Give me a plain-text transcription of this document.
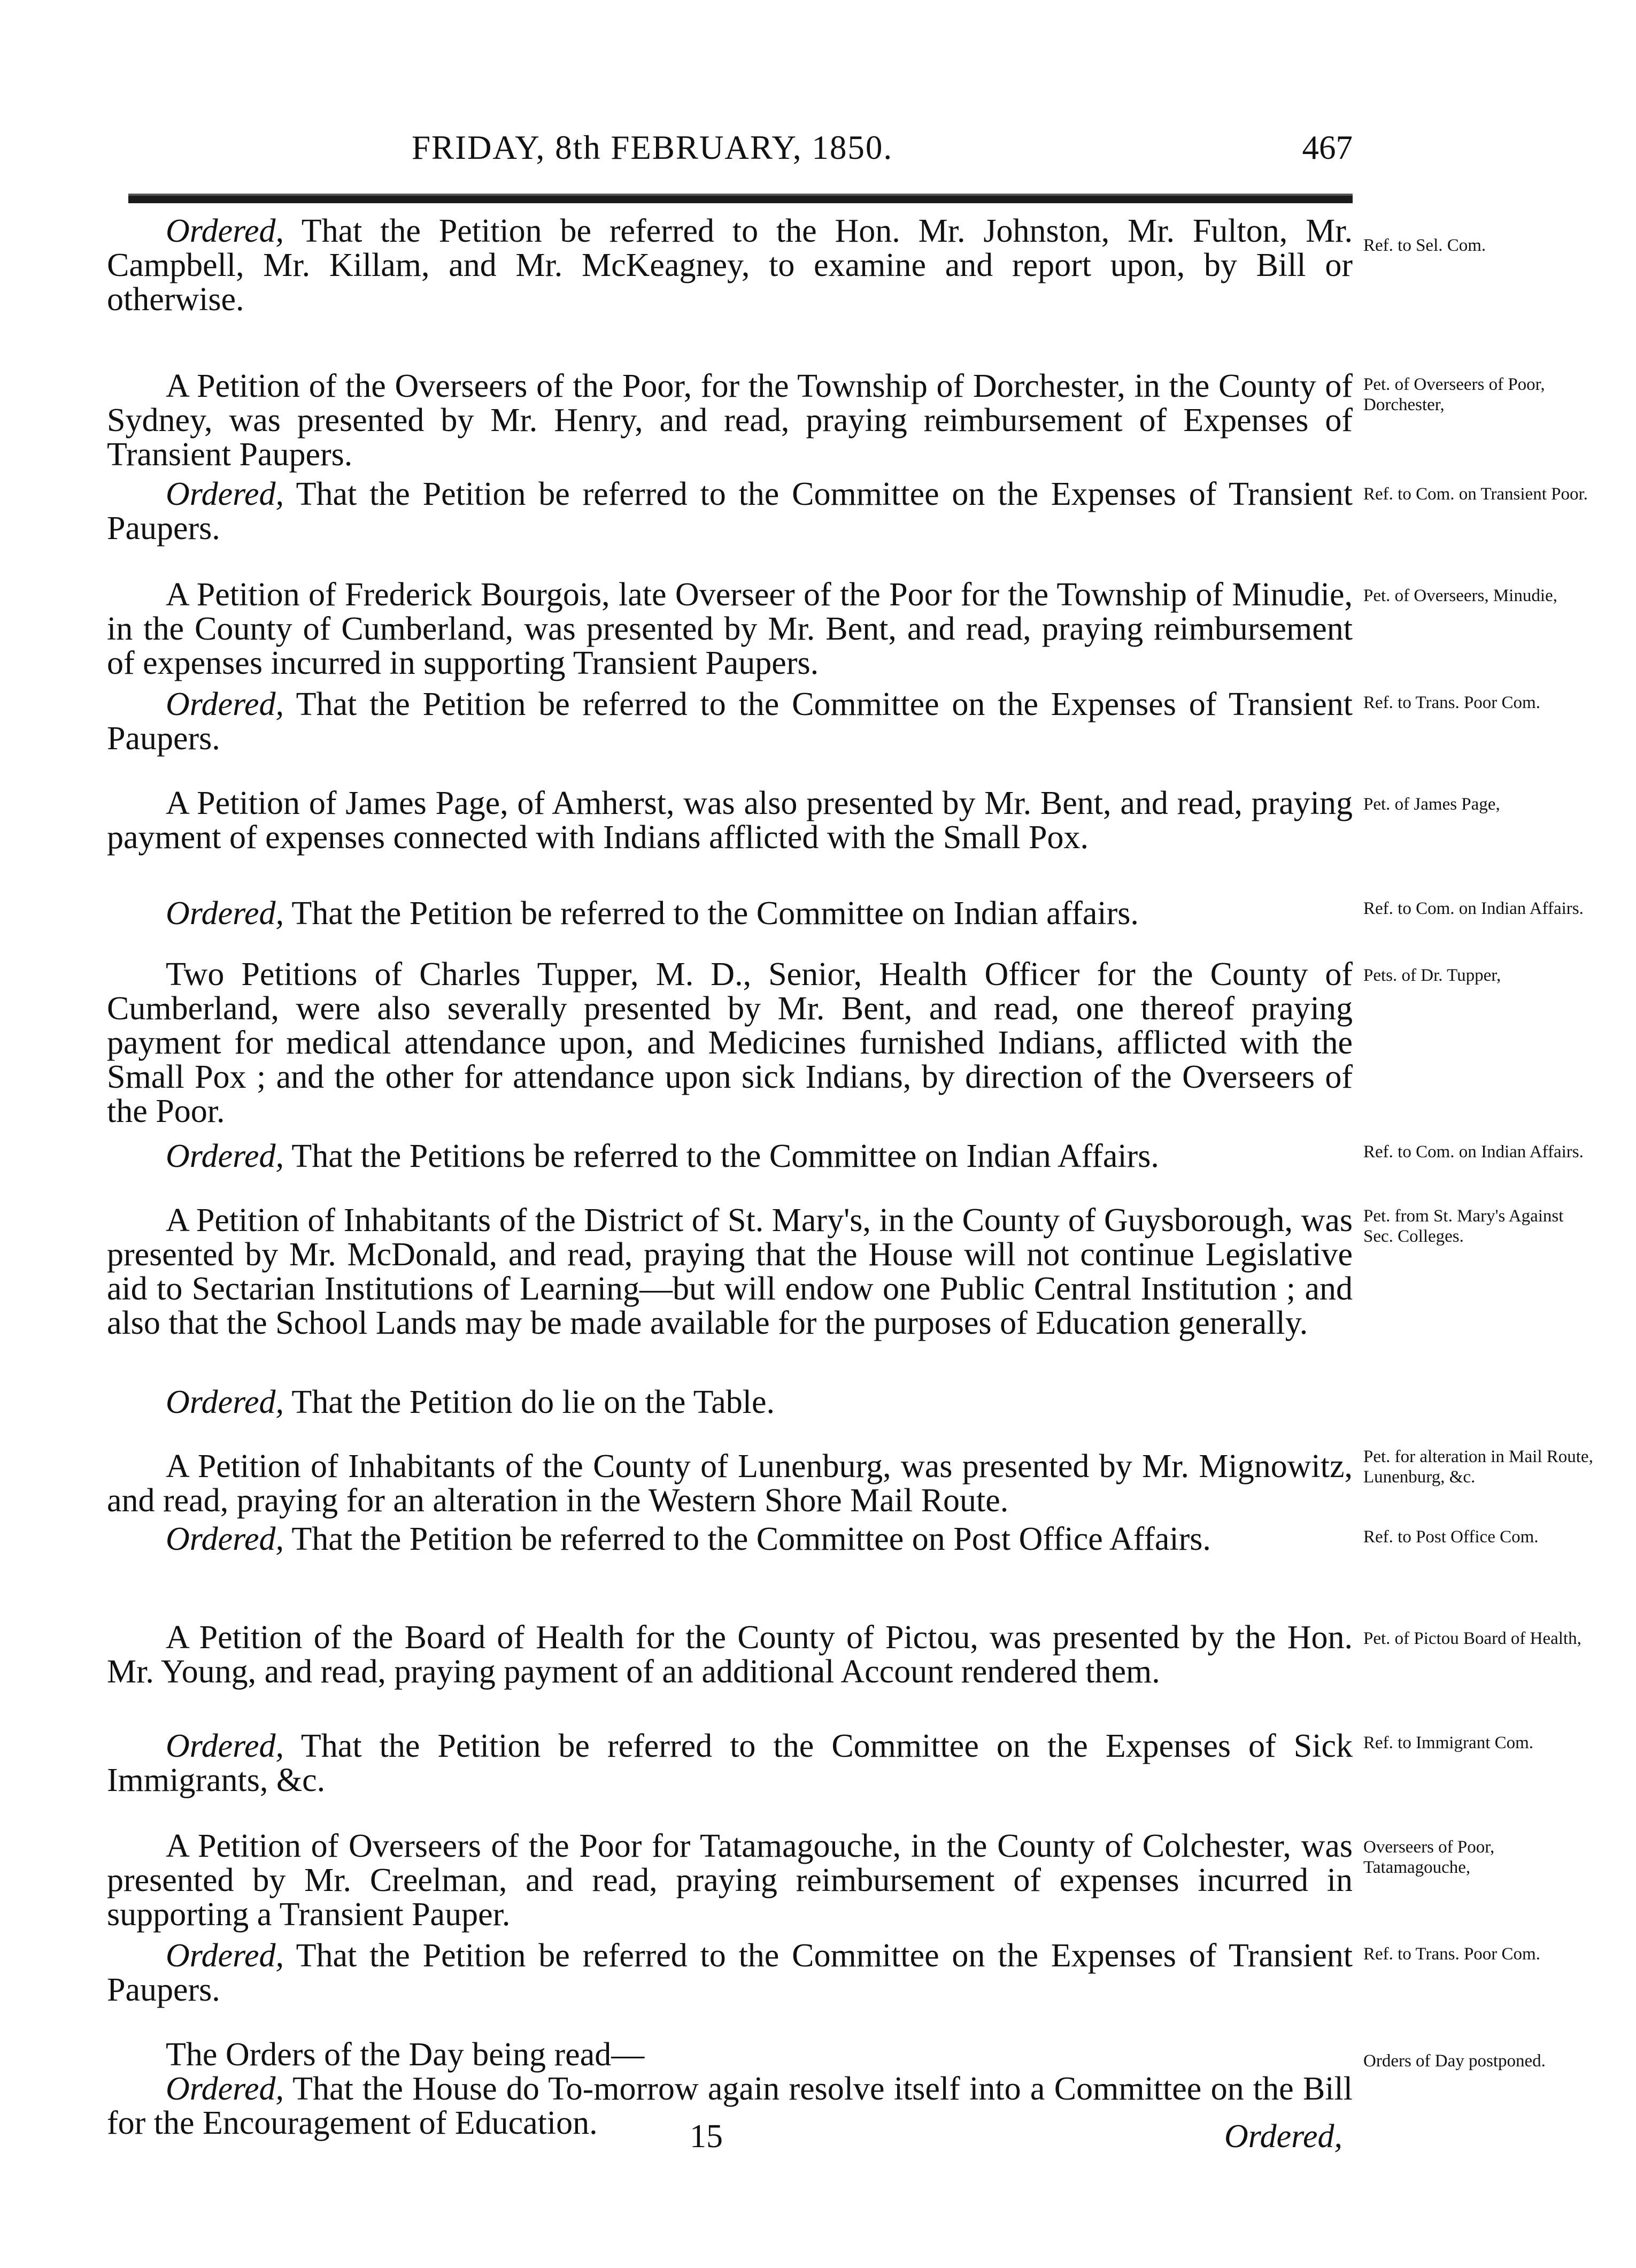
FRIDAY, 8th FEBRUARY, 1850.	467

Ordered, That the Petition be referred to the Hon. Mr. Johnston, Mr. Fulton, Mr. Campbell, Mr. Killam, and Mr. McKeagney, to examine and report upon, by Bill or otherwise.

A Petition of the Overseers of the Poor, for the Township of Dorchester, in the County of Sydney, was presented by Mr. Henry, and read, praying reimbursement of Expenses of Transient Paupers.

Ordered, That the Petition be referred to the Committee on the Expenses of Transient Paupers.

A Petition of Frederick Bourgois, late Overseer of the Poor for the Township of Minudie, in the County of Cumberland, was presented by Mr. Bent, and read, praying reimbursement of expenses incurred in supporting Transient Paupers.

Ordered, That the Petition be referred to the Committee on the Expenses of Transient Paupers.

A Petition of James Page, of Amherst, was also presented by Mr. Bent, and read, praying payment of expenses connected with Indians afflicted with the Small Pox.

Ordered, That the Petition be referred to the Committee on Indian affairs.

Two Petitions of Charles Tupper, M. D., Senior, Health Officer for the County of Cumberland, were also severally presented by Mr. Bent, and read, one thereof praying payment for medical attendance upon, and Medicines furnished Indians, afflicted with the Small Pox ; and the other for attendance upon sick Indians, by direction of the Overseers of the Poor.

Ordered, That the Petitions be referred to the Committee on Indian Affairs.

A Petition of Inhabitants of the District of St. Mary's, in the County of Guysborough, was presented by Mr. McDonald, and read, praying that the House will not continue Legislative aid to Sectarian Institutions of Learning—but will endow one Public Central Institution ; and also that the School Lands may be made available for the purposes of Education generally.

Ordered, That the Petition do lie on the Table.

A Petition of Inhabitants of the County of Lunenburg, was presented by Mr. Mignowitz, and read, praying for an alteration in the Western Shore Mail Route.

Ordered, That the Petition be referred to the Committee on Post Office Affairs.

A Petition of the Board of Health for the County of Pictou, was presented by the Hon. Mr. Young, and read, praying payment of an additional Account rendered them.

Ordered, That the Petition be referred to the Committee on the Expenses of Sick Immigrants, &c.

A Petition of Overseers of the Poor for Tatamagouche, in the County of Colchester, was presented by Mr. Creelman, and read, praying reimbursement of expenses incurred in supporting a Transient Pauper.

Ordered, That the Petition be referred to the Committee on the Expenses of Transient Paupers.

The Orders of the Day being read—

Ordered, That the House do To-morrow again resolve itself into a Committee on the Bill for the Encouragement of Education.

Ref. to Sel. Com.
Pet. of Overseers of Poor, Dorchester,
Ref. to Com. on Transient Poor.
Pet. of Overseers, Minudie,
Ref. to Trans. Poor Com.
Pet. of James Page,
Ref. to Com. on Indian Affairs.
Pets. of Dr. Tupper,
Ref. to Com. on Indian Affairs.
Pet. from St. Mary's Against Sec. Colleges.
Pet. for alteration in Mail Route, Lunenburg, &c.
Ref. to Post Office Com.
Pet. of Pictou Board of Health,
Ref. to Immigrant Com.
Overseers of Poor, Tatamagouche,
Ref. to Trans. Poor Com.
Orders of Day postponed.
15	Ordered,
